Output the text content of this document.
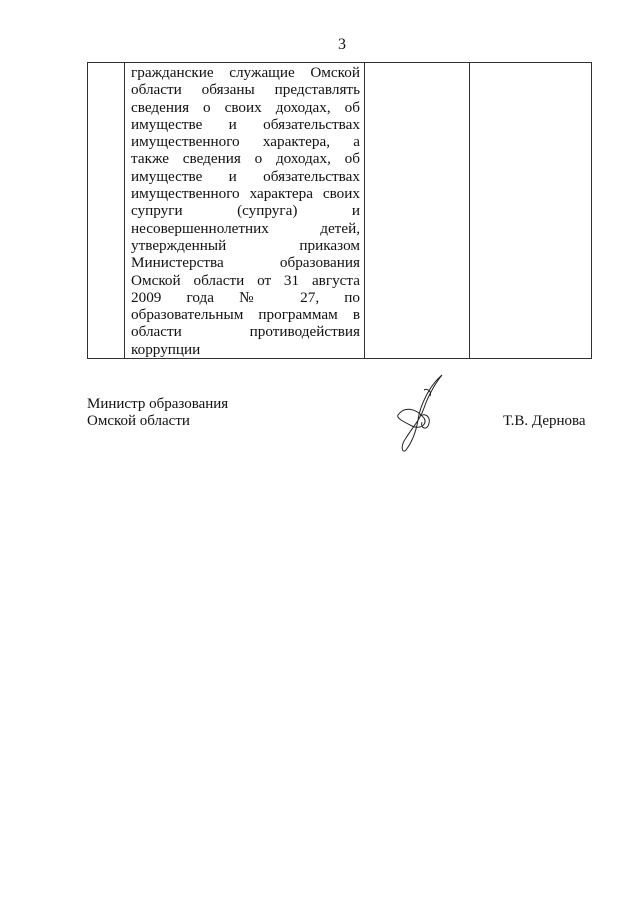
3

гражданские служащие Омской
области обязаны представлять
сведения о своих доходах, об
имуществе и обязательствах
имущественного характера, а
также сведения о доходах, об
имуществе и обязательствах
имущественного характера своих
супруги (супруга) и
несовершеннолетних детей,
утвержденный приказом
Министерства образования
Омской области от 31 августа
2009 года № 27, по
образовательным программам в
области противодействия
коррупции

Министр образования
Омской области	Т.В. Дернова
